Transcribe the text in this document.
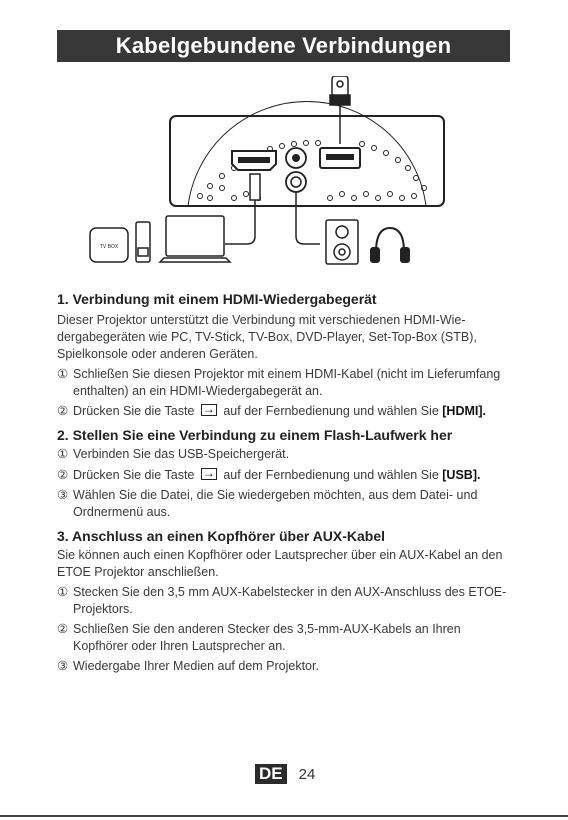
Kabelgebundene Verbindungen
TV BOX

1. Verbindung mit einem HDMI-Wiedergabegerät

Dieser Projektor unterstützt die Verbindung mit verschiedenen HDMI-Wie-dergabegeräten wie PC, TV-Stick, TV-Box, DVD-Player, Set-Top-Box (STB), Spielkonsole oder anderen Geräten.

① Schließen Sie diesen Projektor mit einem HDMI-Kabel (nicht im Lieferumfang enthalten) an ein HDMI-Wiedergabegerät an.
② Drücken Sie die Taste → auf der Fernbedienung und wählen Sie [HDMI].

2. Stellen Sie eine Verbindung zu einem Flash-Laufwerk her

① Verbinden Sie das USB-Speichergerät.
② Drücken Sie die Taste → auf der Fernbedienung und wählen Sie [USB].
③ Wählen Sie die Datei, die Sie wiedergeben möchten, aus dem Datei- und Ordnermenü aus.

3. Anschluss an einen Kopfhörer über AUX-Kabel

Sie können auch einen Kopfhörer oder Lautsprecher über ein AUX-Kabel an den ETOE Projektor anschließen.

① Stecken Sie den 3,5 mm AUX-Kabelstecker in den AUX-Anschluss des ETOE-Projektors.
② Schließen Sie den anderen Stecker des 3,5-mm-AUX-Kabels an Ihren Kopfhörer oder Ihren Lautsprecher an.
③ Wiedergabe Ihrer Medien auf dem Projektor.
DE 24
